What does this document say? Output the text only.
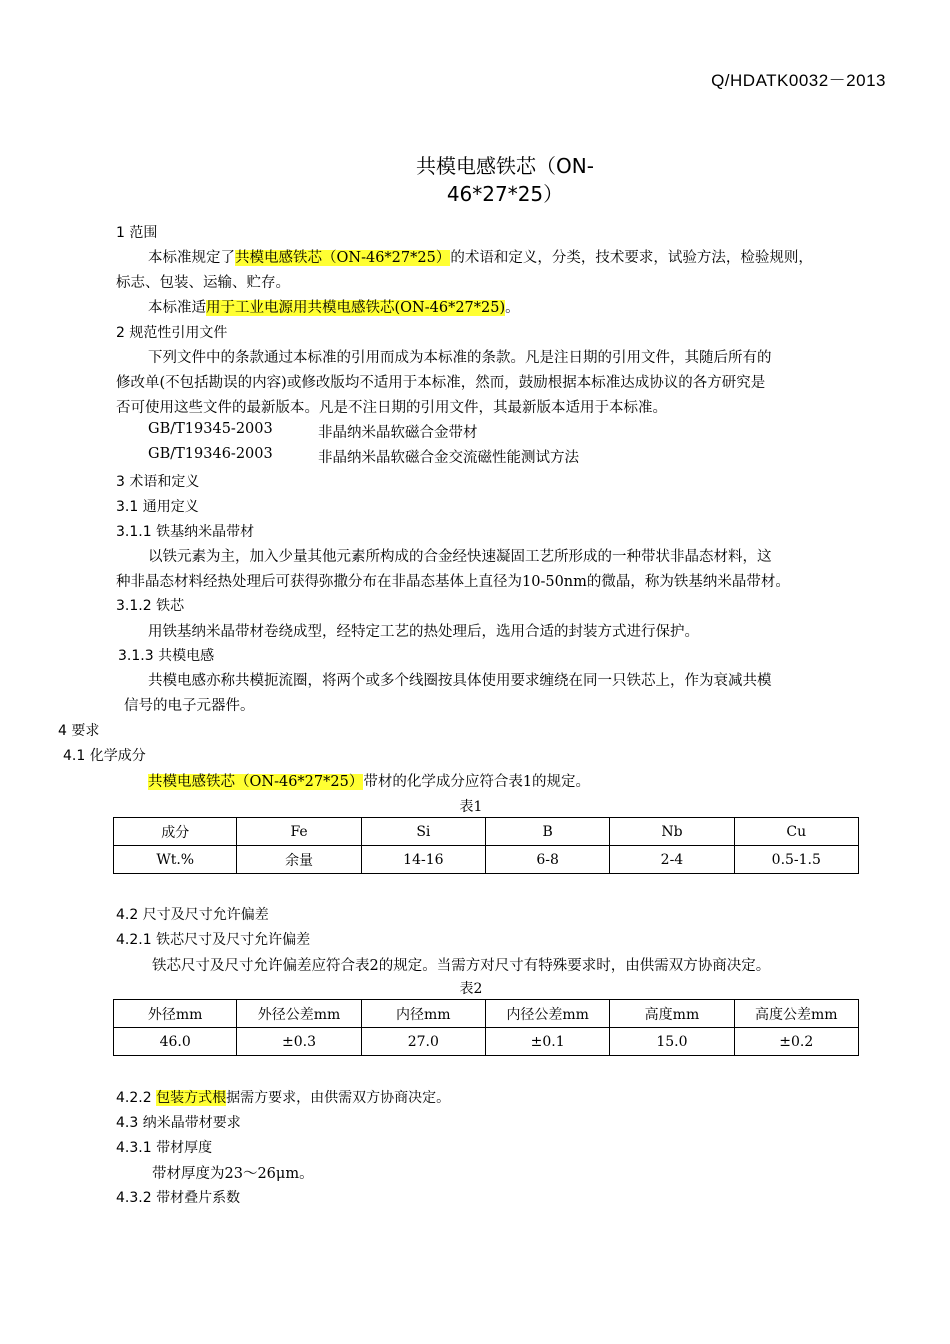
Q/HDATK0032－2013
共模电感铁芯（ON-
46*27*25）
1 范围
本标准规定了共模电感铁芯（ON-46*27*25）的术语和定义，分类，技术要求，试验方法，检验规则，
标志、包装、运输、贮存。
本标准适用于工业电源用共模电感铁芯(ON-46*27*25)。
2 规范性引用文件
下列文件中的条款通过本标准的引用而成为本标准的条款。凡是注日期的引用文件，其随后所有的
修改单(不包括勘误的内容)或修改版均不适用于本标准，然而，鼓励根据本标准达成协议的各方研究是
否可使用这些文件的最新版本。凡是不注日期的引用文件，其最新版本适用于本标准。
GB/T19345-2003	非晶纳米晶软磁合金带材
GB/T19346-2003	非晶纳米晶软磁合金交流磁性能测试方法
3 术语和定义
3.1 通用定义
3.1.1 铁基纳米晶带材
以铁元素为主，加入少量其他元素所构成的合金经快速凝固工艺所形成的一种带状非晶态材料，这
种非晶态材料经热处理后可获得弥撒分布在非晶态基体上直径为10-50nm的微晶，称为铁基纳米晶带材。
3.1.2 铁芯
用铁基纳米晶带材卷绕成型，经特定工艺的热处理后，选用合适的封装方式进行保护。
3.1.3 共模电感
共模电感亦称共模扼流圈，将两个或多个线圈按具体使用要求缠绕在同一只铁芯上，作为衰减共模
信号的电子元器件。
4 要求
4.1 化学成分
共模电感铁芯（ON-46*27*25）带材的化学成分应符合表1的规定。
表1
成分	Fe	Si	B	Nb	Cu
Wt.%	余量	14-16	6-8	2-4	0.5-1.5
4.2 尺寸及尺寸允许偏差
4.2.1 铁芯尺寸及尺寸允许偏差
铁芯尺寸及尺寸允许偏差应符合表2的规定。当需方对尺寸有特殊要求时，由供需双方协商决定。
表2
外径mm	外径公差mm	内径mm	内径公差mm	高度mm	高度公差mm
46.0	±0.3	27.0	±0.1	15.0	±0.2
4.2.2 包装方式根据需方要求，由供需双方协商决定。
4.3 纳米晶带材要求
4.3.1 带材厚度
带材厚度为23～26μm。
4.3.2 带材叠片系数
